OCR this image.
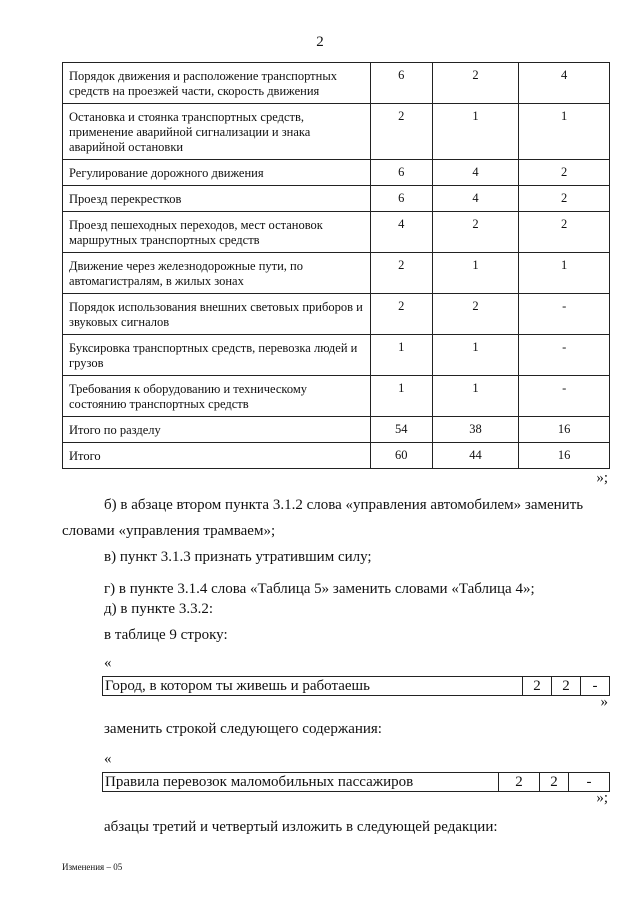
2
Порядок движения и расположение транспортных средств на проезжей части, скорость движения	6	2	4
Остановка и стоянка транспортных средств, применение аварийной сигнализации и знака аварийной остановки	2	1	1
Регулирование дорожного движения	6	4	2
Проезд перекрестков	6	4	2
Проезд пешеходных переходов, мест остановок маршрутных транспортных средств	4	2	2
Движение через железнодорожные пути, по автомагистралям, в жилых зонах	2	1	1
Порядок использования внешних световых приборов и звуковых сигналов	2	2	-
Буксировка транспортных средств, перевозка людей и грузов	1	1	-
Требования к оборудованию и техническому состоянию транспортных средств	1	1	-
Итого по разделу	54	38	16
Итого	60	44	16
»;
б) в абзаце втором пункта 3.1.2 слова «управления автомобилем» заменить словами «управления трамваем»;
в) пункт 3.1.3 признать утратившим силу;
г) в пункте 3.1.4 слова «Таблица 5» заменить словами «Таблица 4»;
д) в пункте 3.3.2:
в таблице 9 строку:
«
Город, в котором ты живешь и работаешь	2	2	-
»
заменить строкой следующего содержания:
«
Правила перевозок маломобильных пассажиров	2	2	-
»;
абзацы третий и четвертый изложить в следующей редакции:
Изменения – 05
